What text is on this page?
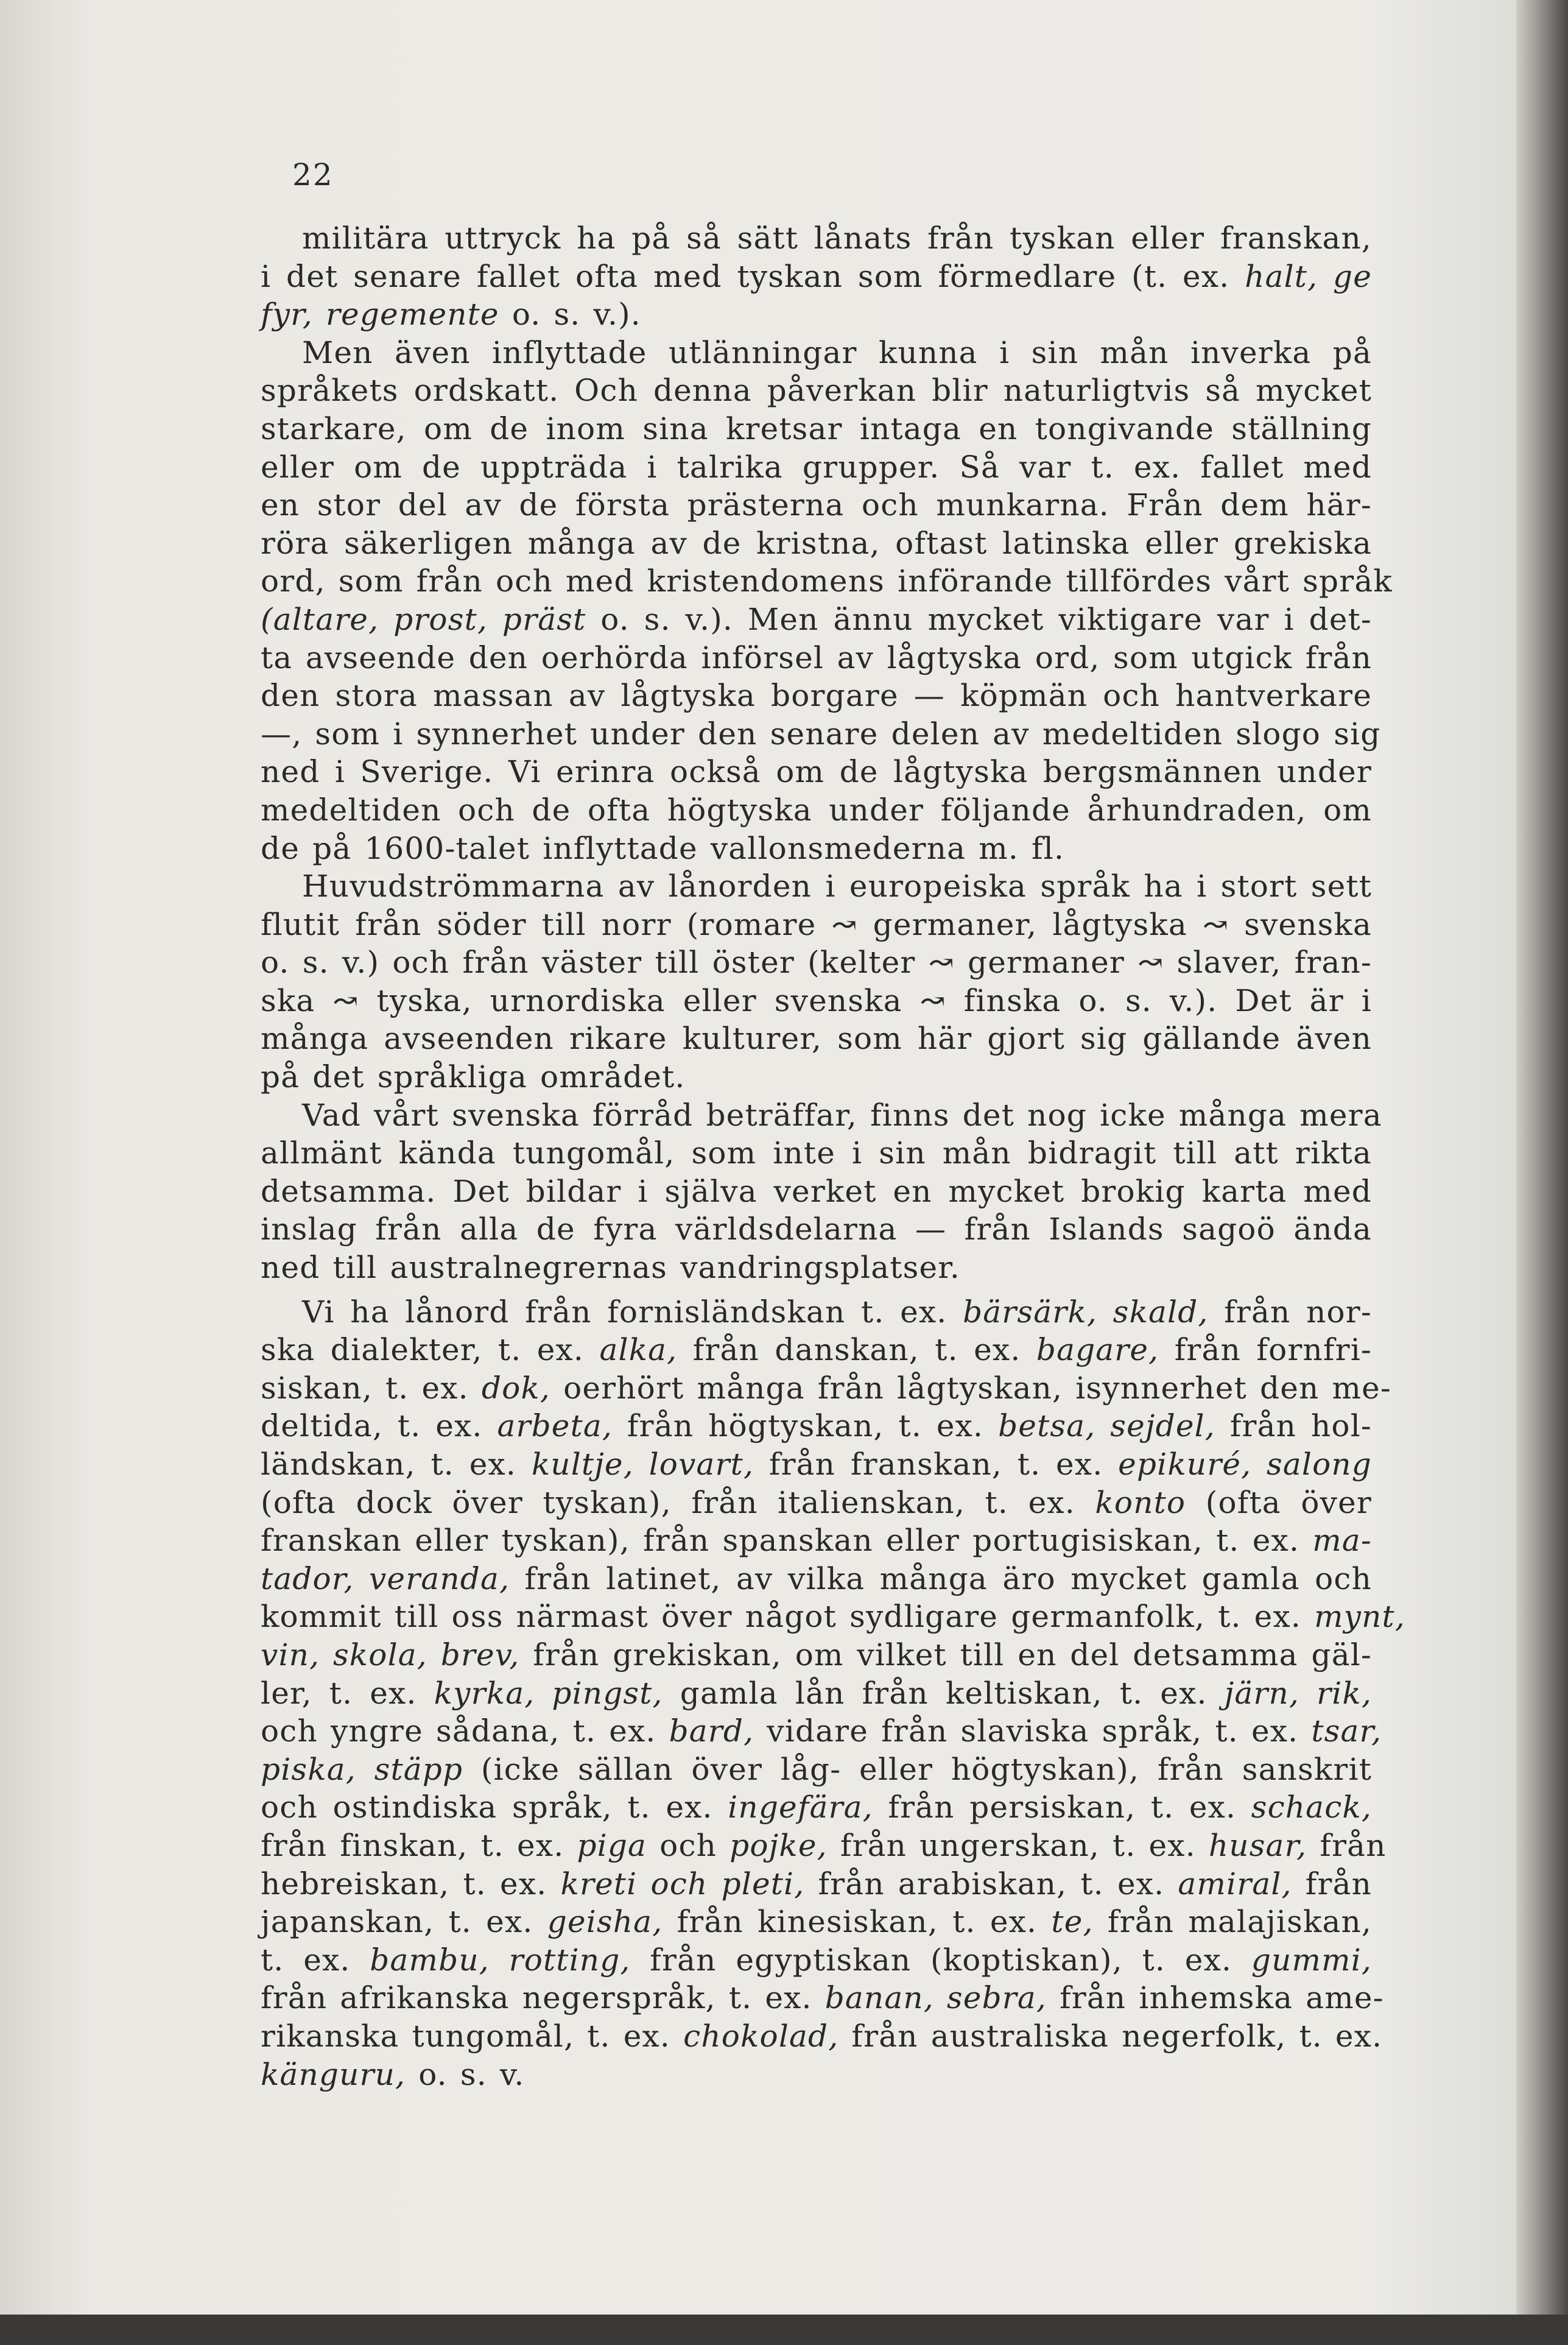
22
militära uttryck ha på så sätt lånats från tyskan eller franskan,
i det senare fallet ofta med tyskan som förmedlare (t. ex. halt, ge
fyr, regemente o. s. v.).
Men även inflyttade utlänningar kunna i sin mån inverka på
språkets ordskatt. Och denna påverkan blir naturligtvis så mycket
starkare, om de inom sina kretsar intaga en tongivande ställning
eller om de uppträda i talrika grupper. Så var t. ex. fallet med
en stor del av de första prästerna och munkarna. Från dem här-
röra säkerligen många av de kristna, oftast latinska eller grekiska
ord, som från och med kristendomens införande tillfördes vårt språk
(altare, prost, präst o. s. v.). Men ännu mycket viktigare var i det-
ta avseende den oerhörda införsel av lågtyska ord, som utgick från
den stora massan av lågtyska borgare — köpmän och hantverkare
—, som i synnerhet under den senare delen av medeltiden slogo sig
ned i Sverige. Vi erinra också om de lågtyska bergsmännen under
medeltiden och de ofta högtyska under följande århundraden, om
de på 1600-talet inflyttade vallonsmederna m. fl.
Huvudströmmarna av lånorden i europeiska språk ha i stort sett
flutit från söder till norr (romare ↝ germaner, lågtyska ↝ svenska
o. s. v.) och från väster till öster (kelter ↝ germaner ↝ slaver, fran-
ska ↝ tyska, urnordiska eller svenska ↝ finska o. s. v.). Det är i
många avseenden rikare kulturer, som här gjort sig gällande även
på det språkliga området.
Vad vårt svenska förråd beträffar, finns det nog icke många mera
allmänt kända tungomål, som inte i sin mån bidragit till att rikta
detsamma. Det bildar i själva verket en mycket brokig karta med
inslag från alla de fyra världsdelarna — från Islands sagoö ända
ned till australnegrernas vandringsplatser.
Vi ha lånord från fornisländskan t. ex. bärsärk, skald, från nor-
ska dialekter, t. ex. alka, från danskan, t. ex. bagare, från fornfri-
siskan, t. ex. dok, oerhört många från lågtyskan, isynnerhet den me-
deltida, t. ex. arbeta, från högtyskan, t. ex. betsa, sejdel, från hol-
ländskan, t. ex. kultje, lovart, från franskan, t. ex. epikuré, salong
(ofta dock över tyskan), från italienskan, t. ex. konto (ofta över
franskan eller tyskan), från spanskan eller portugisiskan, t. ex. ma-
tador, veranda, från latinet, av vilka många äro mycket gamla och
kommit till oss närmast över något sydligare germanfolk, t. ex. mynt,
vin, skola, brev, från grekiskan, om vilket till en del detsamma gäl-
ler, t. ex. kyrka, pingst, gamla lån från keltiskan, t. ex. järn, rik,
och yngre sådana, t. ex. bard, vidare från slaviska språk, t. ex. tsar,
piska, stäpp (icke sällan över låg- eller högtyskan), från sanskrit
och ostindiska språk, t. ex. ingefära, från persiskan, t. ex. schack,
från finskan, t. ex. piga och pojke, från ungerskan, t. ex. husar, från
hebreiskan, t. ex. kreti och pleti, från arabiskan, t. ex. amiral, från
japanskan, t. ex. geisha, från kinesiskan, t. ex. te, från malajiskan,
t. ex. bambu, rotting, från egyptiskan (koptiskan), t. ex. gummi,
från afrikanska negerspråk, t. ex. banan, sebra, från inhemska ame-
rikanska tungomål, t. ex. chokolad, från australiska negerfolk, t. ex.
känguru, o. s. v.
